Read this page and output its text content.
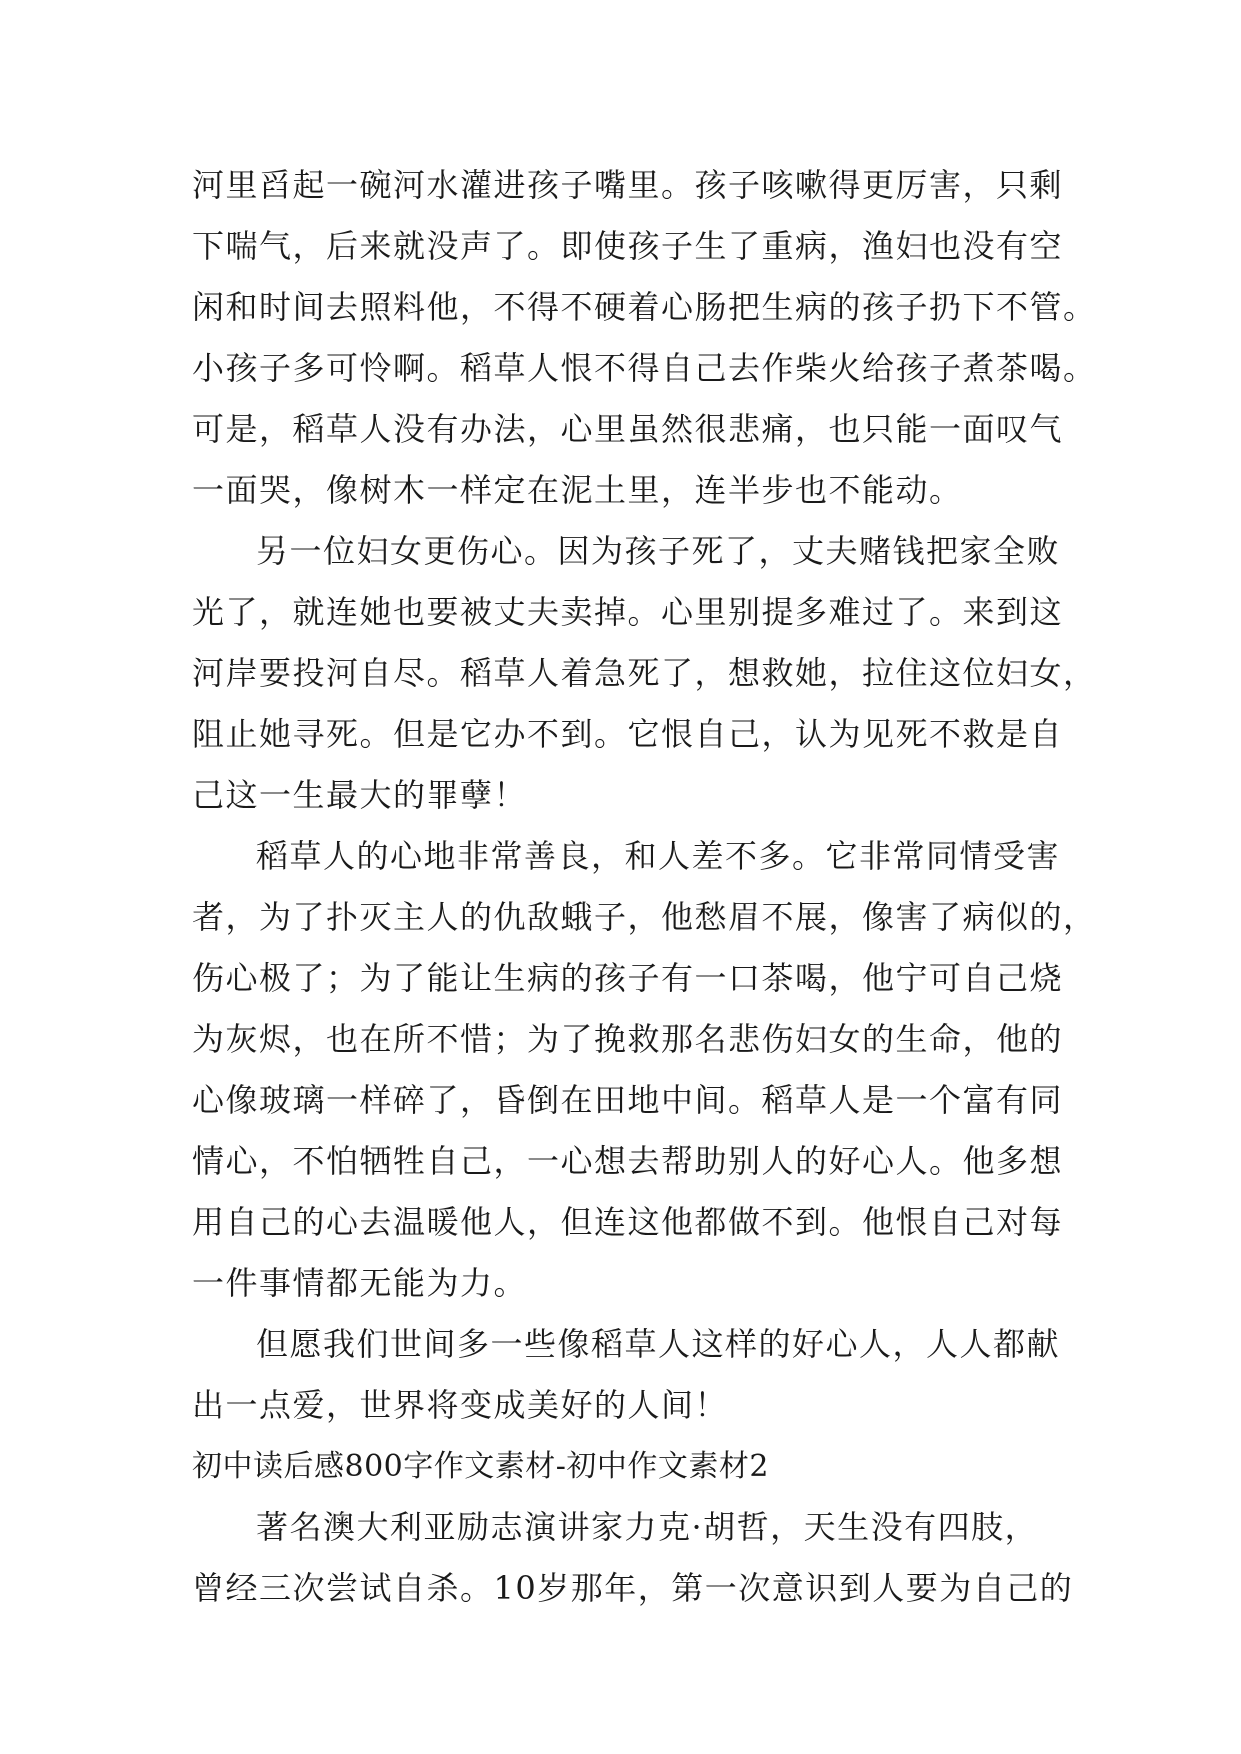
河里舀起一碗河水灌进孩子嘴里。孩子咳嗽得更厉害，只剩
下喘气，后来就没声了。即使孩子生了重病，渔妇也没有空
闲和时间去照料他，不得不硬着心肠把生病的孩子扔下不管。
小孩子多可怜啊。稻草人恨不得自己去作柴火给孩子煮茶喝。
可是，稻草人没有办法，心里虽然很悲痛，也只能一面叹气
一面哭，像树木一样定在泥土里，连半步也不能动。
另一位妇女更伤心。因为孩子死了，丈夫赌钱把家全败
光了，就连她也要被丈夫卖掉。心里别提多难过了。来到这
河岸要投河自尽。稻草人着急死了，想救她，拉住这位妇女，
阻止她寻死。但是它办不到。它恨自己，认为见死不救是自
己这一生最大的罪孽！
稻草人的心地非常善良，和人差不多。它非常同情受害
者，为了扑灭主人的仇敌蛾子，他愁眉不展，像害了病似的，
伤心极了；为了能让生病的孩子有一口茶喝，他宁可自己烧
为灰烬，也在所不惜；为了挽救那名悲伤妇女的生命，他的
心像玻璃一样碎了，昏倒在田地中间。稻草人是一个富有同
情心，不怕牺牲自己，一心想去帮助别人的好心人。他多想
用自己的心去温暖他人，但连这他都做不到。他恨自己对每
一件事情都无能为力。
但愿我们世间多一些像稻草人这样的好心人，人人都献
出一点爱，世界将变成美好的人间！
初中读后感800字作文素材-初中作文素材2
著名澳大利亚励志演讲家力克·胡哲，天生没有四肢，
曾经三次尝试自杀。10岁那年，第一次意识到人要为自己的
